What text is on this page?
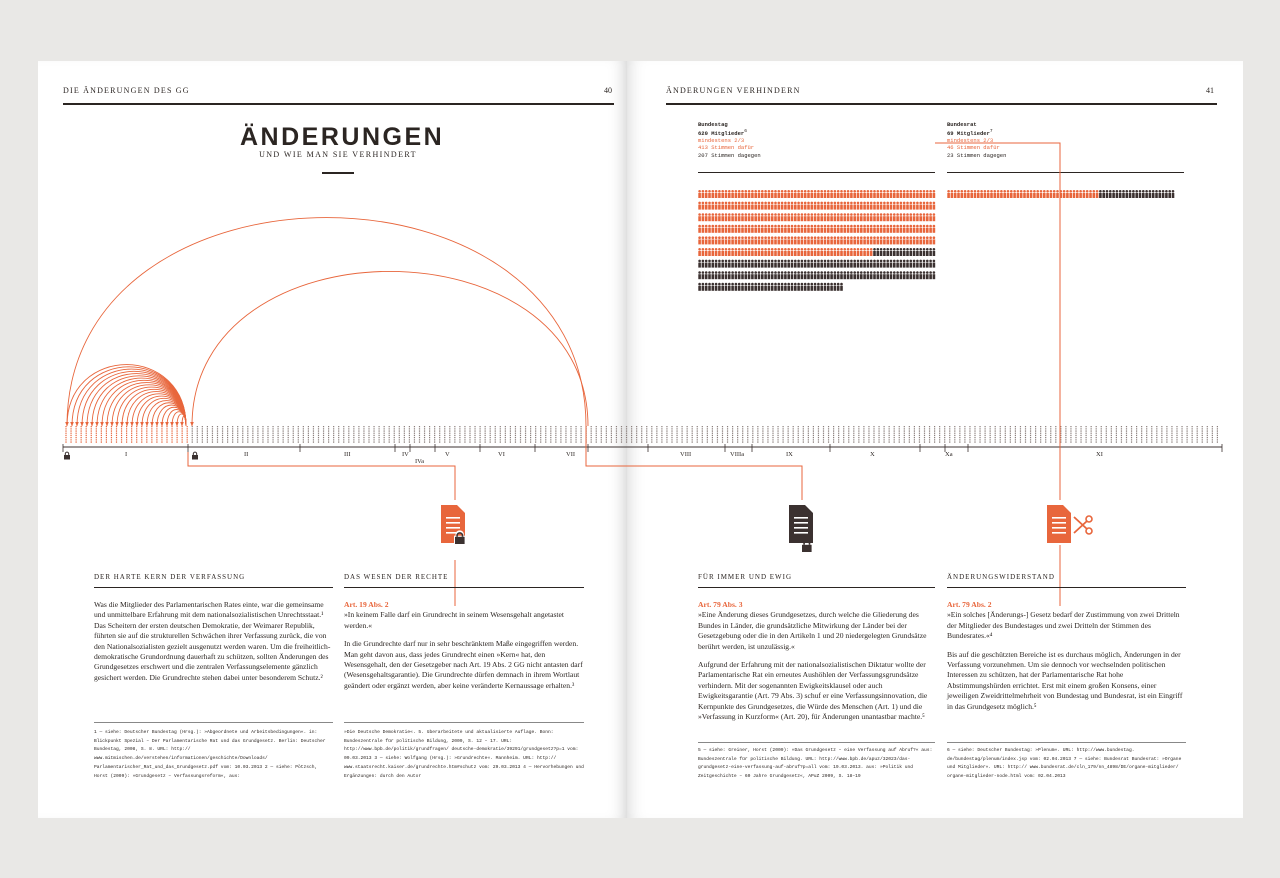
DIE ÄNDERUNGEN DES GG	40
ÄNDERUNGEN
UND WIE MAN SIE VERHINDERT
ÄNDERUNGEN VERHINDERN	41
Bundestag
620 Mitglieder$^6$
mindestens 2/3
413 Stimmen dafür
207 Stimmen dagegen
Bundesrat
69 Mitglieder$^7$
mindestens 2/3
46 Stimmen dafür
23 Stimmen dagegen
I	II	III	IV
IVa
V	VI	VII	VIII	VIIIa	IX	X	Xa	XI
DER HARTE KERN DER VERFASSUNG

Was die Mitglieder des Parlamentarischen Rates einte, war die gemeinsame und unmittelbare Erfahrung mit dem nationalsozialistischen Unrechtsstaat.¹ Das Scheitern der ersten deutschen Demokratie, der Weimarer Republik, führten sie auf die strukturellen Schwächen ihrer Verfassung zurück, die von den Nationalsozialisten gezielt ausgenutzt werden waren. Um die freiheitlich-demokratische Grundordnung dauerhaft zu schützen, sollten Änderungen des Grundgesetzes erschwert und die zentralen Verfassungselemente gänzlich gesichert werden. Die Grundrechte stehen dabei unter besonderem Schutz.²

1 — siehe: Deutscher Bundestag (Hrsg.): »Abgeordnete und Arbeitsbedingungen«. in: Blickpunkt Spezial – Der Parlamentarische Rat und das Grundgesetz. Berlin: Deutscher Bundestag, 2008, S. 8. URL: http:// www.mitmischen.de/verstehen/informationen/geschichte/Downloads/ Parlamentarischer_Rat_und_das_Grundgesetz.pdf vom: 10.03.2013 2 — siehe: Pötzsch, Horst (2009): »Grundgesetz – Verfassungsreform«, aus:
DAS WESEN DER RECHTE
Art. 19 Abs. 2

»In keinem Falle darf ein Grundrecht in seinem Wesensgehalt angetastet werden.«

In die Grundrechte darf nur in sehr beschränktem Maße eingegriffen werden. Man geht davon aus, dass jedes Grundrecht einen »Kern« hat, den Wesensgehalt, den der Gesetzgeber nach Art. 19 Abs. 2 GG nicht antasten darf (Wesensgehaltsgarantie). Die Grundrechte dürfen demnach in ihrem Wortlaut geändert oder ergänzt werden, aber keine veränderte Kernaussage erhalten.³

»Die Deutsche Demokratie«. 5. überarbeitete und aktualisierte Auflage. Bonn: Bundeszentrale für politische Bildung, 2009, S. 12 – 17. URL: http://www.bpb.de/politik/grundfragen/ deutsche-demokratie/39291/grundgesetz?p=1 vom: 09.03.2013 3 — siehe: Wolfgang (Hrsg.): »Grundrechte«. Mannheim. URL: http:// www.staatsrecht.kaiser.de/grundrechte.htm#schutz vom: 29.03.2013 4 — Hervorhebungen und Ergänzungen: durch den Autor
FÜR IMMER UND EWIG
Art. 79 Abs. 3

»Eine Änderung dieses Grundgesetzes, durch welche die Gliederung des Bundes in Länder, die grundsätzliche Mitwirkung der Länder bei der Gesetzgebung oder die in den Artikeln 1 und 20 niedergelegten Grundsätze berührt werden, ist unzulässig.«

Aufgrund der Erfahrung mit der nationalsozialistischen Diktatur wollte der Parlamentarische Rat ein erneutes Aushöhlen der Verfassungsgrundsätze verhindern. Mit der sogenannten Ewigkeitsklausel oder auch Ewigkeitsgarantie (Art. 79 Abs. 3) schuf er eine Verfassungsinnovation, die Kernpunkte des Grundgesetzes, die Würde des Menschen (Art. 1) und die »Verfassung in Kurzform« (Art. 20), für Änderungen unantastbar machte.⁵

5 — siehe: Greiner, Horst (2009): »Das Grundgesetz – eine Verfassung auf Abruf?« aus: Bundeszentrale für politische Bildung. URL: http://www.bpb.de/apuz/32023/das-grundgesetz-eine-verfassung-auf-abruf?p=all vom: 19.03.2013. aus: »Politik und Zeitgeschichte – 60 Jahre Grundgesetz«, APuZ 2009, S. 18–19
ÄNDERUNGSWIDERSTAND
Art. 79 Abs. 2

»Ein solches [Änderungs-] Gesetz bedarf der Zustimmung von zwei Dritteln der Mitglieder des Bundestages und zwei Dritteln der Stimmen des Bundesrates.«⁴

Bis auf die geschützten Bereiche ist es durchaus möglich, Änderungen in der Verfassung vorzunehmen. Um sie dennoch vor wechselnden politischen Interessen zu schützen, hat der Parlamentarische Rat hohe Abstimmungshürden errichtet. Erst mit einem großen Konsens, einer jeweiligen Zweidrittelmehrheit von Bundestag und Bundesrat, ist ein Eingriff in das Grundgesetz möglich.⁵

6 — siehe: Deutscher Bundestag: »Plenum«. URL: http://www.bundestag. de/bundestag/plenum/index.jsp vom: 02.04.2013 7 — siehe: Bundesrat Bundesrat: »Organe und Mitglieder«. URL: http:// www.bundesrat.de/cln_179/nn_4898/DE/organe-mitglieder/ organe-mitglieder-node.html vom: 02.04.2013
